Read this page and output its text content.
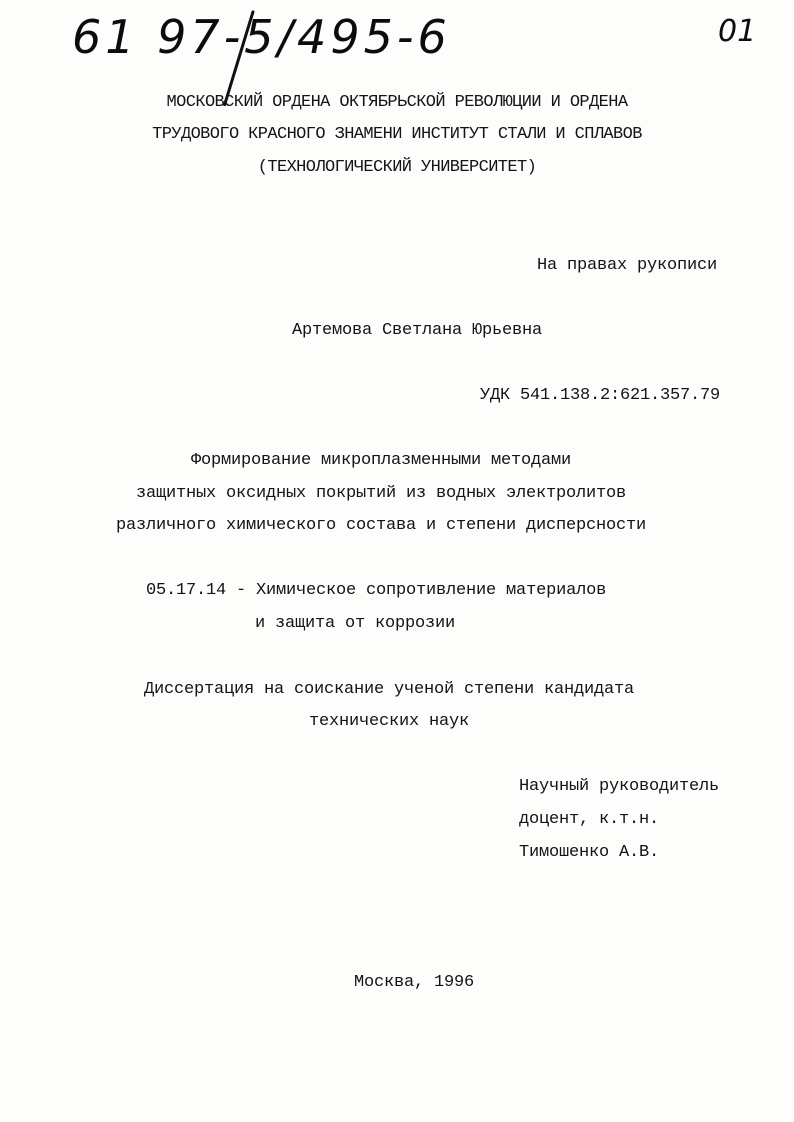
61 97-5/495-6	01
МОСКОВСКИЙ ОРДЕНА ОКТЯБРЬСКОЙ РЕВОЛЮЦИИ И ОРДЕНА
ТРУДОВОГО КРАСНОГО ЗНАМЕНИ ИНСТИТУТ СТАЛИ И СПЛАВОВ
(ТЕХНОЛОГИЧЕСКИЙ УНИВЕРСИТЕТ)
На правах рукописи
Артемова Светлана Юрьевна
УДК 541.138.2:621.357.79
Формирование микроплазменными методами
защитных оксидных покрытий из водных электролитов
различного химического состава и степени дисперсности
05.17.14 - Химическое сопротивление материалов
и защита от коррозии
Диссертация на соискание ученой степени кандидата
технических наук
Научный руководитель
доцент, к.т.н.
Тимошенко А.В.
Москва, 1996
